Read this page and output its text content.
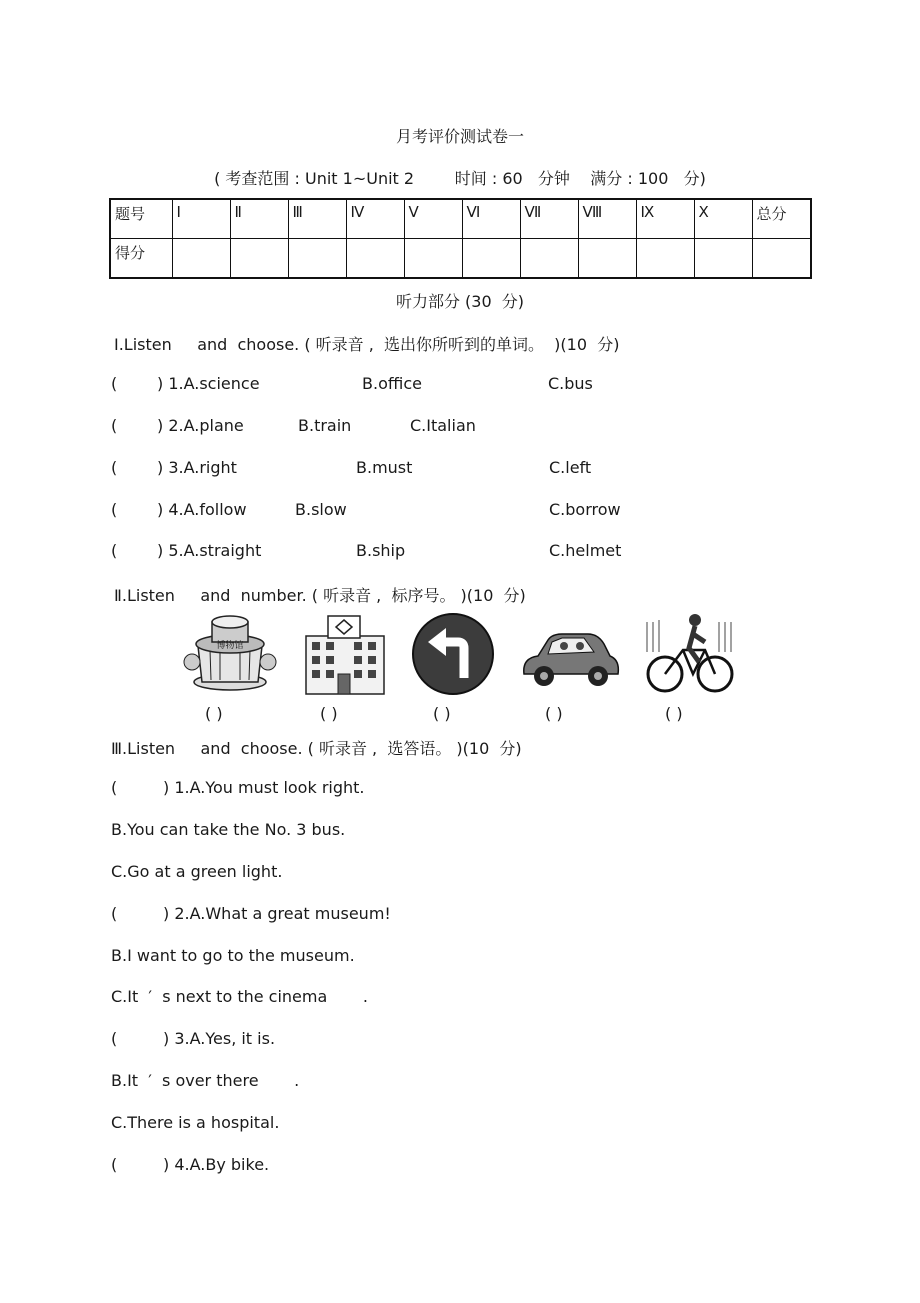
月考评价测试卷一
( 考查范围 : Unit 1~Unit 2        时间 : 60   分钟    满分 : 100   分)
题号	Ⅰ	Ⅱ	Ⅲ	Ⅳ	Ⅴ	Ⅵ	Ⅶ	Ⅷ	Ⅸ	Ⅹ	总分
得分											
听力部分 (30  分)
Ⅰ.Listen     and  choose. ( 听录音 ,  选出你所听到的单词。  )(10  分)
( ) 1.A.science	B.office	C.bus
( ) 2.A.plane	B.train	C.Italian
( ) 3.A.right	B.must	C.left
( ) 4.A.follow	B.slow	C.borrow
( ) 5.A.straight	B.ship	C.helmet
Ⅱ.Listen     and  number. ( 听录音 ,  标序号。 )(10  分)
博物馆
( )	( )	( )	( )	( )
Ⅲ.Listen     and  choose. ( 听录音 ,  选答语。 )(10  分)
(         ) 1.A.You must look right.
B.You can take the No. 3 bus.
C.Go at a green light.
(         ) 2.A.What a great museum!
B.I want to go to the museum.
C.It  ′  s next to the cinema       .
(         ) 3.A.Yes, it is.
B.It  ′  s over there       .
C.There is a hospital.
(         ) 4.A.By bike.
